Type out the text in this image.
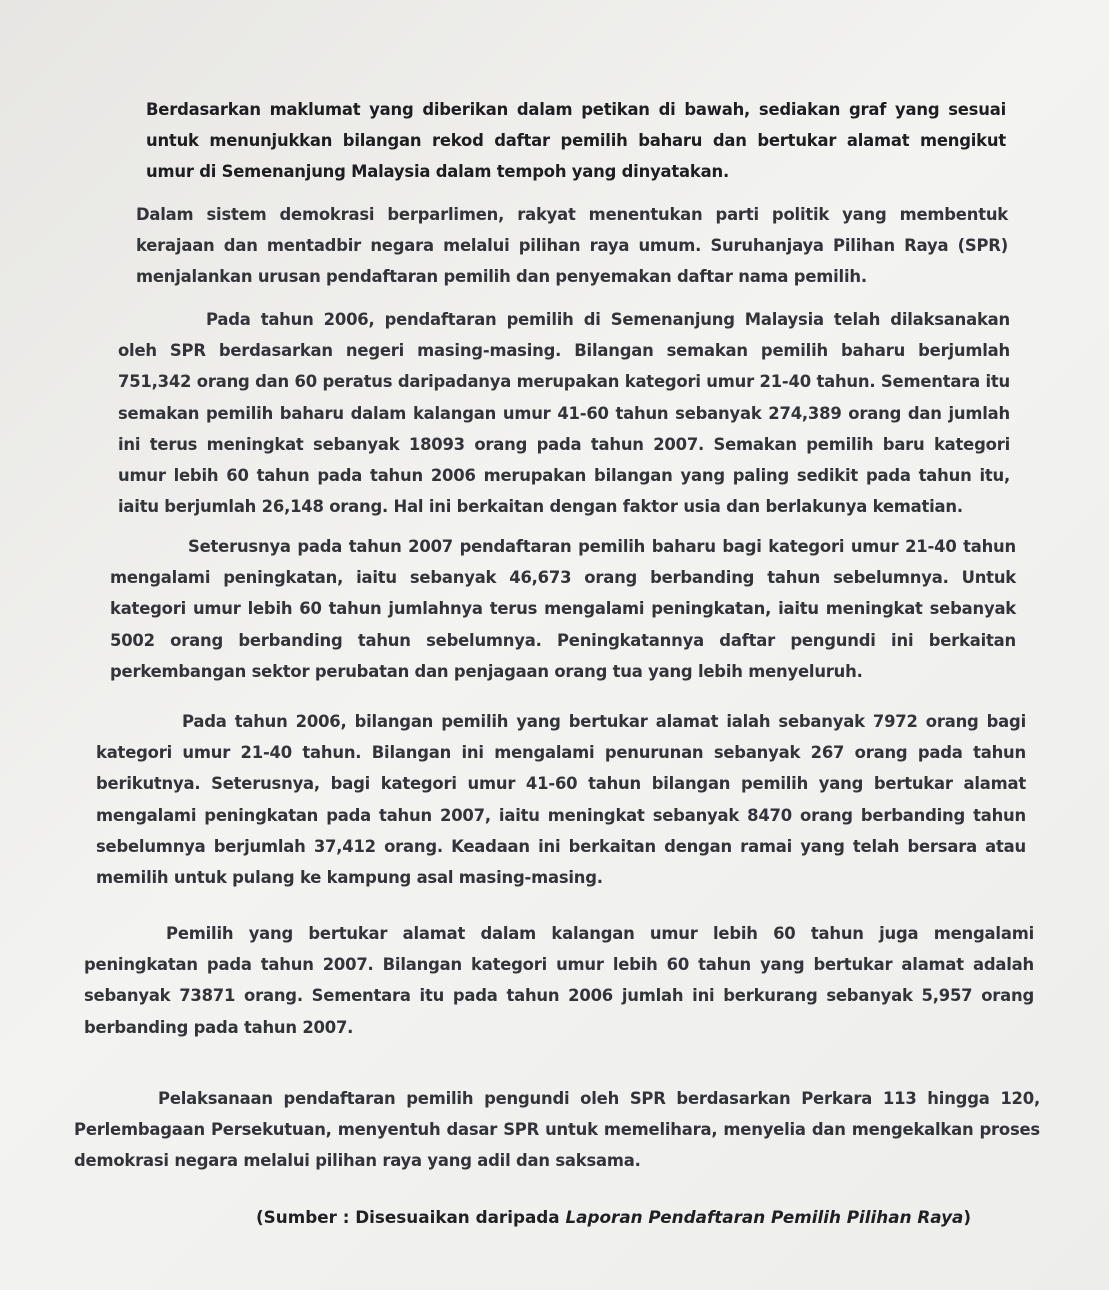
Berdasarkan maklumat yang diberikan dalam petikan di bawah, sediakan graf yang sesuai untuk menunjukkan bilangan rekod daftar pemilih baharu dan bertukar alamat mengikut umur di Semenanjung Malaysia dalam tempoh yang dinyatakan.

Dalam sistem demokrasi berparlimen, rakyat menentukan parti politik yang membentuk kerajaan dan mentadbir negara melalui pilihan raya umum. Suruhanjaya Pilihan Raya (SPR) menjalankan urusan pendaftaran pemilih dan penyemakan daftar nama pemilih.

Pada tahun 2006, pendaftaran pemilih di Semenanjung Malaysia telah dilaksanakan oleh SPR berdasarkan negeri masing-masing. Bilangan semakan pemilih baharu berjumlah 751,342 orang dan 60 peratus daripadanya merupakan kategori umur 21-40 tahun. Sementara itu semakan pemilih baharu dalam kalangan umur 41-60 tahun sebanyak 274,389 orang dan jumlah ini terus meningkat sebanyak 18093 orang pada tahun 2007. Semakan pemilih baru kategori umur lebih 60 tahun pada tahun 2006 merupakan bilangan yang paling sedikit pada tahun itu, iaitu berjumlah 26,148 orang. Hal ini berkaitan dengan faktor usia dan berlakunya kematian.

Seterusnya pada tahun 2007 pendaftaran pemilih baharu bagi kategori umur 21-40 tahun mengalami peningkatan, iaitu sebanyak 46,673 orang berbanding tahun sebelumnya. Untuk kategori umur lebih 60 tahun jumlahnya terus mengalami peningkatan, iaitu meningkat sebanyak 5002 orang berbanding tahun sebelumnya. Peningkatannya daftar pengundi ini berkaitan perkembangan sektor perubatan dan penjagaan orang tua yang lebih menyeluruh.

Pada tahun 2006, bilangan pemilih yang bertukar alamat ialah sebanyak 7972 orang bagi kategori umur 21-40 tahun. Bilangan ini mengalami penurunan sebanyak 267 orang pada tahun berikutnya. Seterusnya, bagi kategori umur 41-60 tahun bilangan pemilih yang bertukar alamat mengalami peningkatan pada tahun 2007, iaitu meningkat sebanyak 8470 orang berbanding tahun sebelumnya berjumlah 37,412 orang. Keadaan ini berkaitan dengan ramai yang telah bersara atau memilih untuk pulang ke kampung asal masing-masing.

Pemilih yang bertukar alamat dalam kalangan umur lebih 60 tahun juga mengalami peningkatan pada tahun 2007. Bilangan kategori umur lebih 60 tahun yang bertukar alamat adalah sebanyak 73871 orang. Sementara itu pada tahun 2006 jumlah ini berkurang sebanyak 5,957 orang berbanding pada tahun 2007.

Pelaksanaan pendaftaran pemilih pengundi oleh SPR berdasarkan Perkara 113 hingga 120, Perlembagaan Persekutuan, menyentuh dasar SPR untuk memelihara, menyelia dan mengekalkan proses demokrasi negara melalui pilihan raya yang adil dan saksama.

(Sumber : Disesuaikan daripada Laporan Pendaftaran Pemilih Pilihan Raya)
